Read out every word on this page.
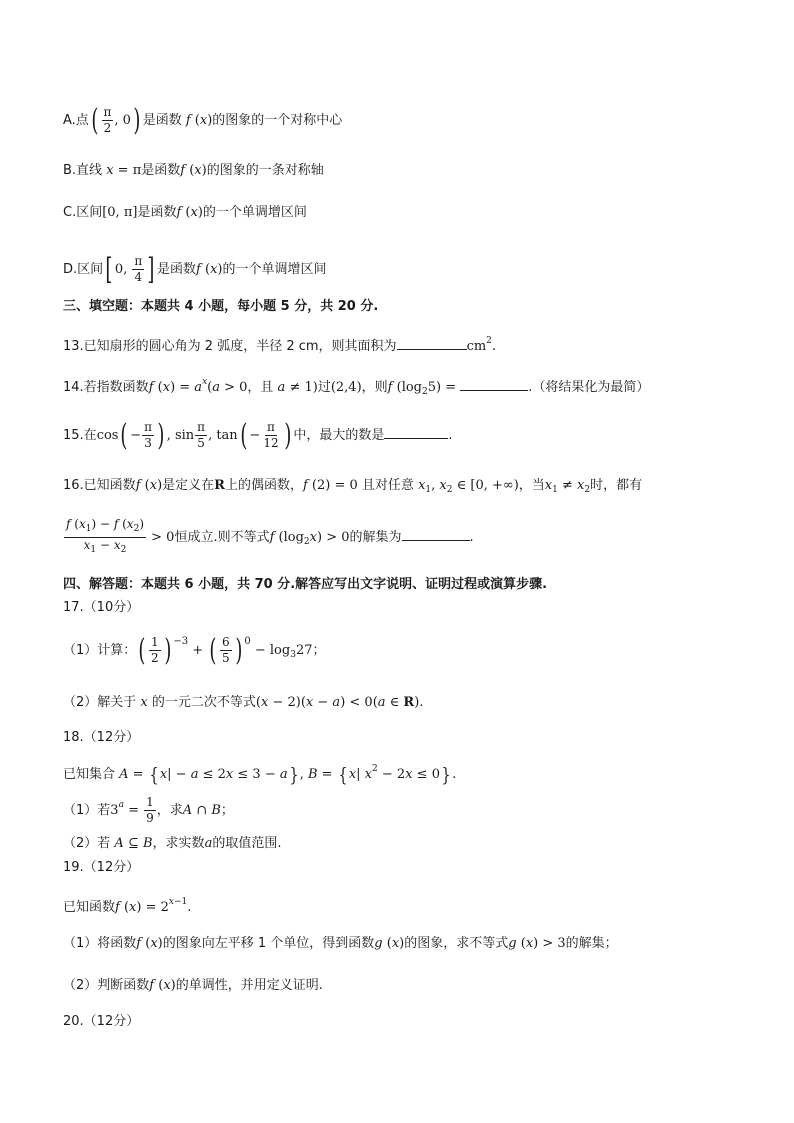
A.点( $\frac{\pi}{2}$ , 0) 是函数 f (x)的图象的一个对称中心
B.直线 x = π是函数f (x)的图象的一条对称轴
C.区间[0, π]是函数f (x)的一个单调增区间
D.区间[ 0, $\frac{\pi}{4}$ ] 是函数f (x)的一个单调增区间
三、填空题：本题共 4 小题，每小题 5 分，共 20 分.
13.已知扇形的圆心角为 2 弧度，半径 2 cm，则其面积为	$cm^2$.
14.若指数函数f $(x) = a^x(a > 0$，且 a ≠ 1)过(2,4)，则f $(\log_25)$ =	.（将结果化为最简）
15.在$\cos( - \frac{\pi}{3}$ ) , $\sin \frac{\pi}{5}$ , $\tan( - \frac{\pi}{12}$ ) 中，最大的数是	.
16.已知函数f (x)是定义在R上的偶函数，f (2) = 0 且对任意 $x_1$, $x_2$ ∈ [0, +∞)，当$x_1 \ne x_2$时，都有
$\frac{f (x_1) - f (x_2)}{x_1 - x_2} > 0$恒成立.则不等式f $(\log_2x) > 0$的解集为	.
四、解答题：本题共 6 小题，共 70 分.解答应写出文字说明、证明过程或演算步骤.
17.（10分）
（1）计算：( $\frac{1}{2}$ ) $^{-3}$ + ( $\frac{6}{5}$ ) $^0 - \log_327$；
（2）解关于 x 的一元二次不等式(x − 2)(x − a) < 0(a ∈ R).
18.（12分）
已知集合 A = { x| − a ≤ 2x ≤ 3 − a} , B = { x| $x^2 - 2x \le 0$} .
（1）若$3^a = \frac{1}{9}$ ，求A ∩ B；
（2）若 A ⊆ B，求实数a的取值范围.
19.（12分）
已知函数f $(x) = 2^{x-1}$.
（1）将函数f (x)的图象向左平移 1 个单位，得到函数g (x)的图象，求不等式g (x) > 3的解集；
（2）判断函数f (x)的单调性，并用定义证明.
20.（12分）
